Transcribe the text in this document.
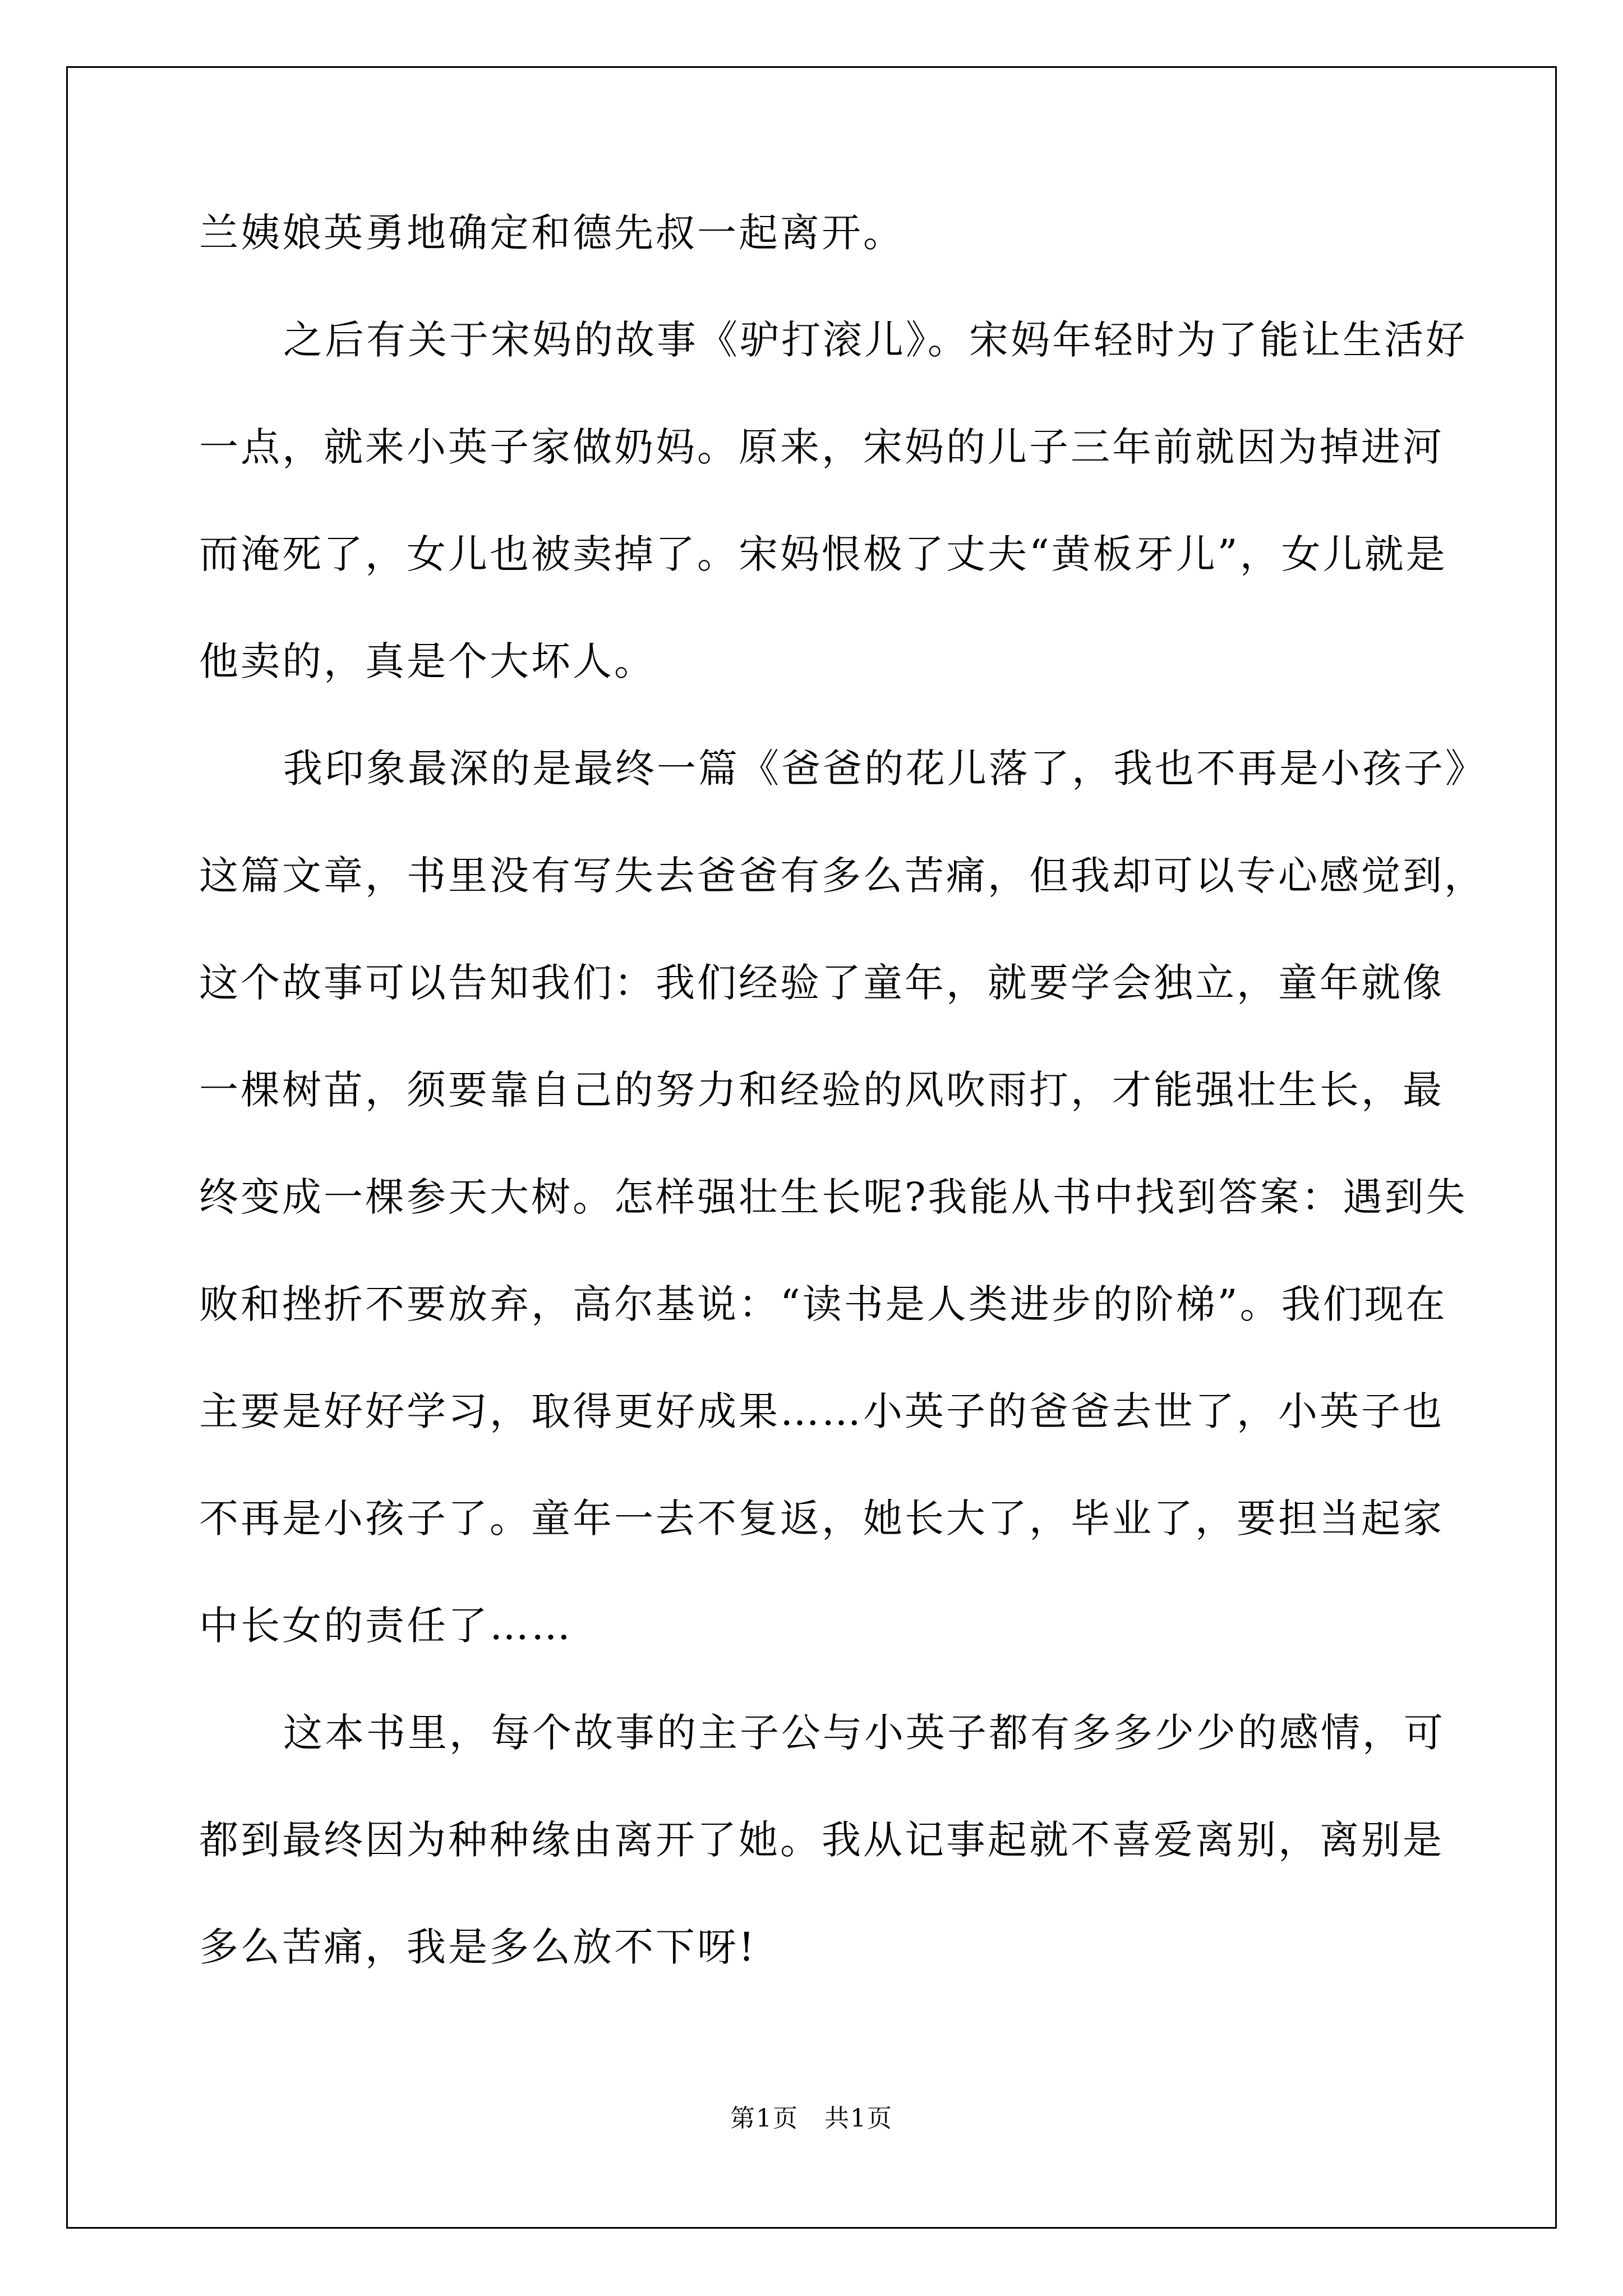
兰姨娘英勇地确定和德先叔一起离开。
之后有关于宋妈的故事《驴打滚儿》。宋妈年轻时为了能让生活好
一点，就来小英子家做奶妈。原来，宋妈的儿子三年前就因为掉进河
而淹死了，女儿也被卖掉了。宋妈恨极了丈夫“黄板牙儿”，女儿就是
他卖的，真是个大坏人。
我印象最深的是最终一篇《爸爸的花儿落了，我也不再是小孩子》
这篇文章，书里没有写失去爸爸有多么苦痛，但我却可以专心感觉到，
这个故事可以告知我们：我们经验了童年，就要学会独立，童年就像
一棵树苗，须要靠自己的努力和经验的风吹雨打，才能强壮生长，最
终变成一棵参天大树。怎样强壮生长呢?我能从书中找到答案：遇到失
败和挫折不要放弃，高尔基说：“读书是人类进步的阶梯”。我们现在
主要是好好学习，取得更好成果……小英子的爸爸去世了，小英子也
不再是小孩子了。童年一去不复返，她长大了，毕业了，要担当起家
中长女的责任了……
这本书里，每个故事的主子公与小英子都有多多少少的感情，可
都到最终因为种种缘由离开了她。我从记事起就不喜爱离别，离别是
多么苦痛，我是多么放不下呀!
第1页　共1页
